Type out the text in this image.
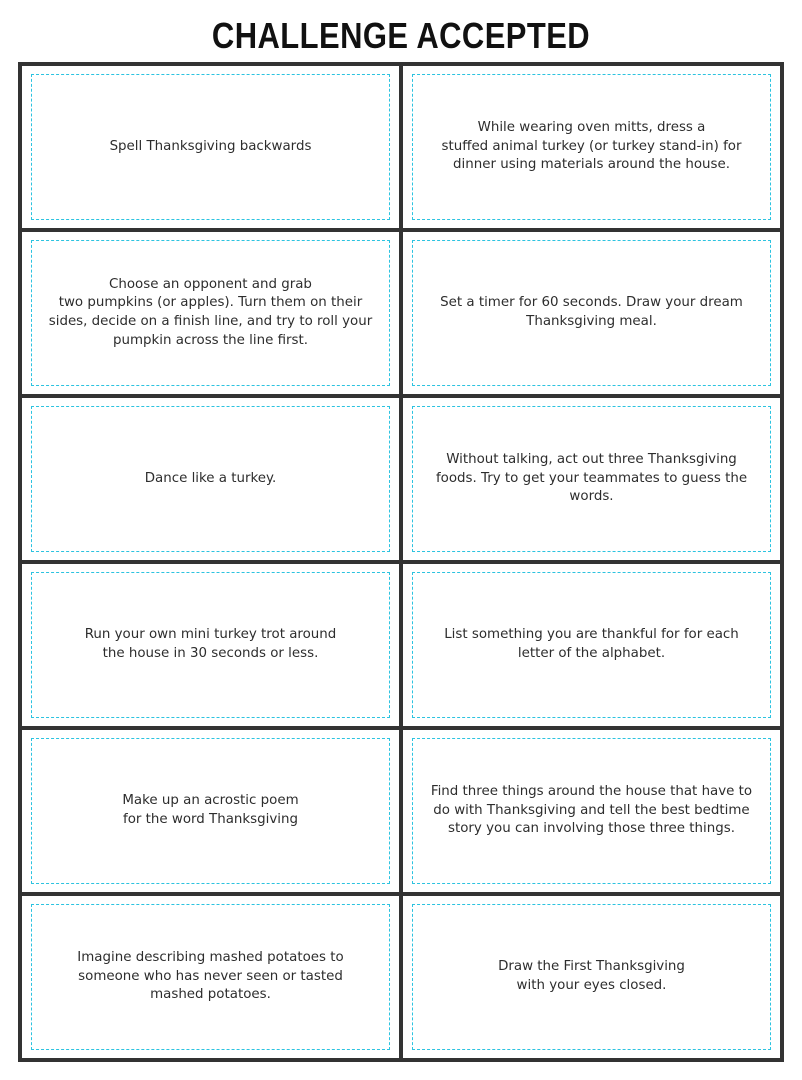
CHALLENGE ACCEPTED
Spell Thanksgiving backwards
While wearing oven mitts, dress a
stuffed animal turkey (or turkey stand-in) for
dinner using materials around the house.
Choose an opponent and grab
two pumpkins (or apples). Turn them on their
sides, decide on a finish line, and try to roll your
pumpkin across the line first.
Set a timer for 60 seconds. Draw your dream
Thanksgiving meal.
Dance like a turkey.
Without talking, act out three Thanksgiving
foods. Try to get your teammates to guess the
words.
Run your own mini turkey trot around
the house in 30 seconds or less.
List something you are thankful for for each
letter of the alphabet.
Make up an acrostic poem
for the word Thanksgiving
Find three things around the house that have to
do with Thanksgiving and tell the best bedtime
story you can involving those three things.
Imagine describing mashed potatoes to
someone who has never seen or tasted
mashed potatoes.
Draw the First Thanksgiving
with your eyes closed.
